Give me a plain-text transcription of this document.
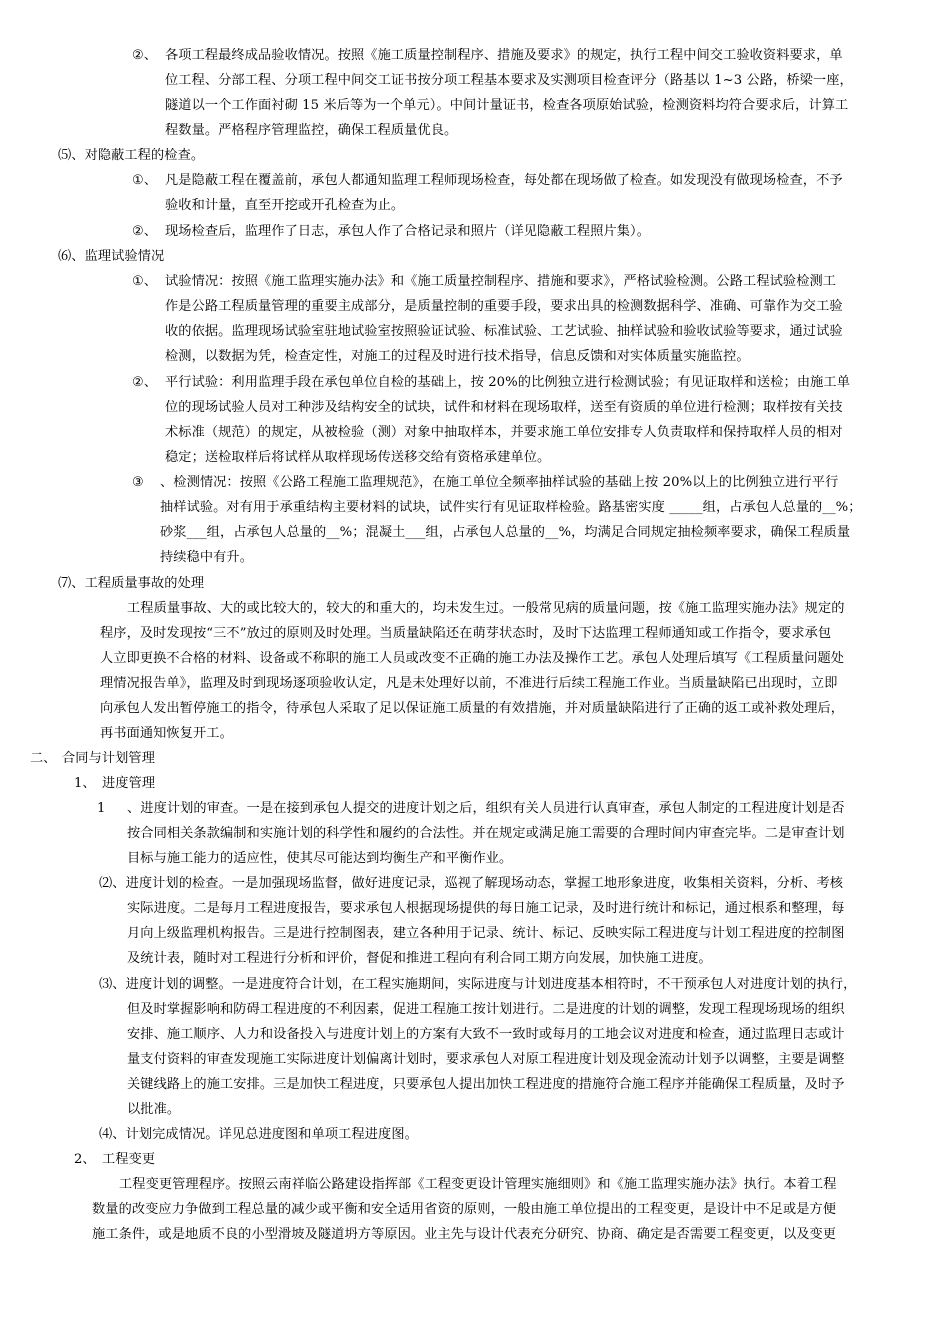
②、 各项工程最终成品验收情况。按照《施工质量控制程序、措施及要求》的规定，执行工程中间交工验收资料要求，单
位工程、分部工程、分项工程中间交工证书按分项工程基本要求及实测项目检查评分（路基以 1~3 公路，桥梁一座，
隧道以一个工作面衬砌 15 米后等为一个单元）。中间计量证书，检查各项原始试验，检测资料均符合要求后，计算工
程数量。严格程序管理监控，确保工程质量优良。
⑸、对隐蔽工程的检查。
①、 凡是隐蔽工程在覆盖前，承包人都通知监理工程师现场检查，每处都在现场做了检查。如发现没有做现场检查，不予
验收和计量，直至开挖或开孔检查为止。
②、 现场检查后，监理作了日志，承包人作了合格记录和照片（详见隐蔽工程照片集）。
⑹、监理试验情况
①、 试验情况：按照《施工监理实施办法》和《施工质量控制程序、措施和要求》，严格试验检测。公路工程试验检测工
作是公路工程质量管理的重要主成部分，是质量控制的重要手段，要求出具的检测数据科学、准确、可靠作为交工验
收的依据。监理现场试验室驻地试验室按照验证试验、标准试验、工艺试验、抽样试验和验收试验等要求，通过试验
检测，以数据为凭，检查定性，对施工的过程及时进行技术指导，信息反馈和对实体质量实施监控。
②、 平行试验：利用监理手段在承包单位自检的基础上，按 20%的比例独立进行检测试验；有见证取样和送检；由施工单
位的现场试验人员对工种涉及结构安全的试块，试件和材料在现场取样，送至有资质的单位进行检测；取样按有关技
术标准（规范）的规定，从被检验（测）对象中抽取样本，并要求施工单位安排专人负责取样和保持取样人员的相对
稳定；送检取样后将试样从取样现场传送移交给有资格承建单位。
③ 、检测情况：按照《公路工程施工监理规范》，在施工单位全频率抽样试验的基础上按 20%以上的比例独立进行平行
抽样试验。对有用于承重结构主要材料的试块，试件实行有见证取样检验。路基密实度 _____组，占承包人总量的__%；
砂浆___组，占承包人总量的__%；混凝土___组，占承包人总量的__%，均满足合同规定抽检频率要求，确保工程质量
持续稳中有升。
⑺、工程质量事故的处理
工程质量事故、大的或比较大的，较大的和重大的，均未发生过。一般常见病的质量问题，按《施工监理实施办法》规定的
程序，及时发现按“三不”放过的原则及时处理。当质量缺陷还在萌芽状态时，及时下达监理工程师通知或工作指令，要求承包
人立即更换不合格的材料、设备或不称职的施工人员或改变不正确的施工办法及操作工艺。承包人处理后填写《工程质量问题处
理情况报告单》，监理及时到现场逐项验收认定，凡是未处理好以前，不准进行后续工程施工作业。当质量缺陷已出现时，立即
向承包人发出暂停施工的指令，待承包人采取了足以保证施工质量的有效措施，并对质量缺陷进行了正确的返工或补救处理后，
再书面通知恢复开工。
二、 合同与计划管理
1、 进度管理
1 、进度计划的审查。一是在接到承包人提交的进度计划之后，组织有关人员进行认真审查，承包人制定的工程进度计划是否
按合同相关条款编制和实施计划的科学性和履约的合法性。并在规定或满足施工需要的合理时间内审查完毕。二是审查计划
目标与施工能力的适应性，使其尽可能达到均衡生产和平衡作业。
⑵、进度计划的检查。一是加强现场监督，做好进度记录，巡视了解现场动态，掌握工地形象进度，收集相关资料，分析、考核
实际进度。二是每月工程进度报告，要求承包人根据现场提供的每日施工记录，及时进行统计和标记，通过根系和整理，每
月向上级监理机构报告。三是进行控制图表，建立各种用于记录、统计、标记、反映实际工程进度与计划工程进度的控制图
及统计表，随时对工程进行分析和评价，督促和推进工程向有利合同工期方向发展，加快施工进度。
⑶、进度计划的调整。一是进度符合计划，在工程实施期间，实际进度与计划进度基本相符时，不干预承包人对进度计划的执行，
但及时掌握影响和防碍工程进度的不利因素，促进工程施工按计划进行。二是进度的计划的调整，发现工程现场现场的组织
安排、施工顺序、人力和设备投入与进度计划上的方案有大致不一致时或每月的工地会议对进度和检查，通过监理日志或计
量支付资料的审查发现施工实际进度计划偏离计划时，要求承包人对原工程进度计划及现金流动计划予以调整，主要是调整
关键线路上的施工安排。三是加快工程进度，只要承包人提出加快工程进度的措施符合施工程序并能确保工程质量，及时予
以批准。
⑷、计划完成情况。详见总进度图和单项工程进度图。
2、 工程变更
工程变更管理程序。按照云南祥临公路建设指挥部《工程变更设计管理实施细则》和《施工监理实施办法》执行。本着工程
数量的改变应力争做到工程总量的减少或平衡和安全适用省资的原则，一般由施工单位提出的工程变更，是设计中不足或是方便
施工条件，或是地质不良的小型滑坡及隧道坍方等原因。业主先与设计代表充分研究、协商、确定是否需要工程变更，以及变更
